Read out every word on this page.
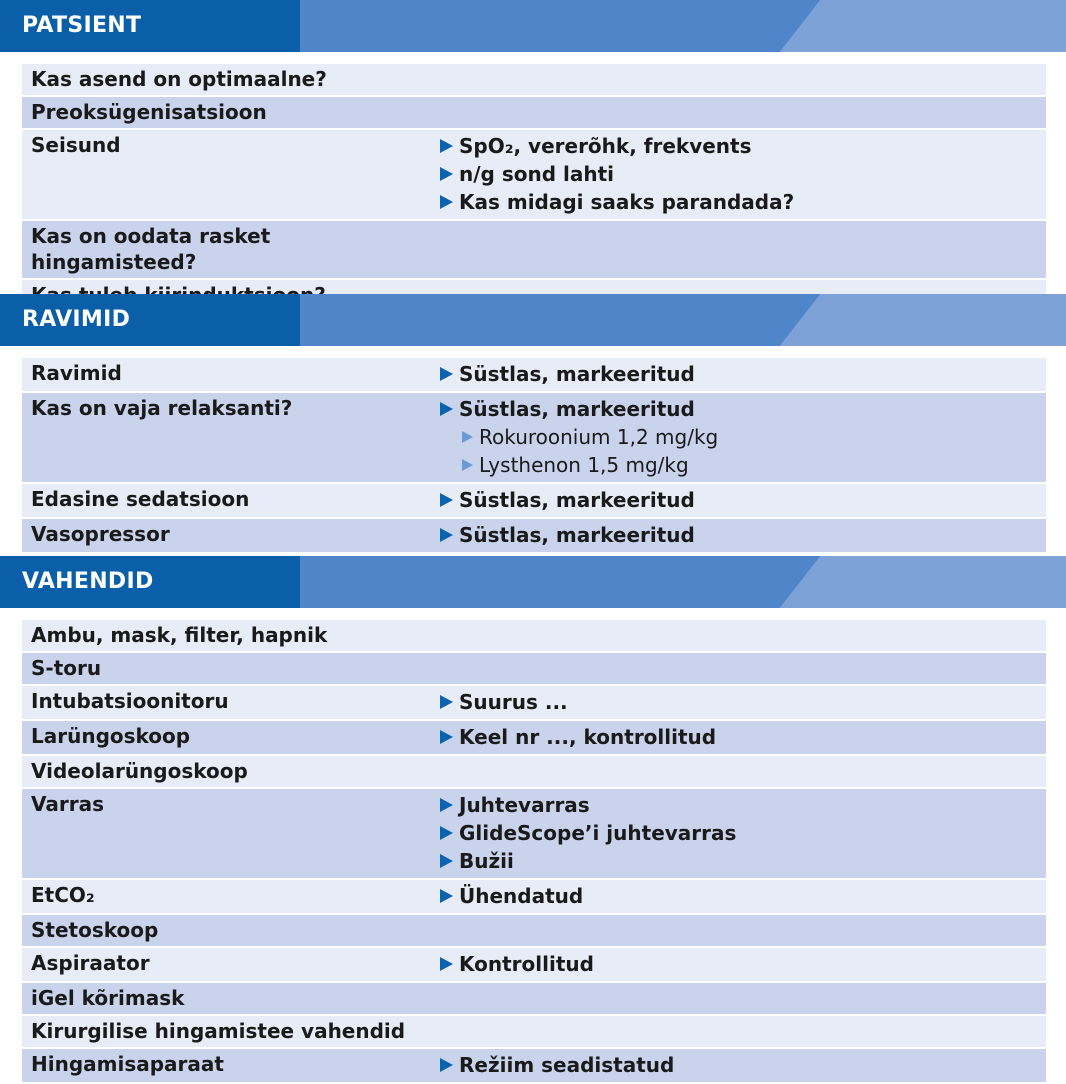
PATSIENT
Kas asend on optimaalne?
Preoksügenisatsioon
Seisund	SpO₂, vererõhk, frekvents
n/g sond lahti
Kas midagi saaks parandada?
Kas on oodata rasket hingamisteed?
RAVIMID
Ravimid	Süstlas, markeeritud
Kas on vaja relaksanti?	Süstlas, markeeritud
Rokuroonium 1,2 mg/kg
Lysthenon 1,5 mg/kg
Edasine sedatsioon	Süstlas, markeeritud
Vasopressor	Süstlas, markeeritud
VAHENDID
Ambu, mask, filter, hapnik
S-toru
Intubatsioonitoru	Suurus ...
Larüngoskoop	Keel nr ..., kontrollitud
Videolarüngoskoop
Varras	Juhtevarras
GlideScope’i juhtevarras
Bužii
EtCO₂	Ühendatud
Stetoskoop
Aspiraator	Kontrollitud
iGel kõrimask
Kirurgilise hingamistee vahendid
Hingamisaparaat	Režiim seadistatud
